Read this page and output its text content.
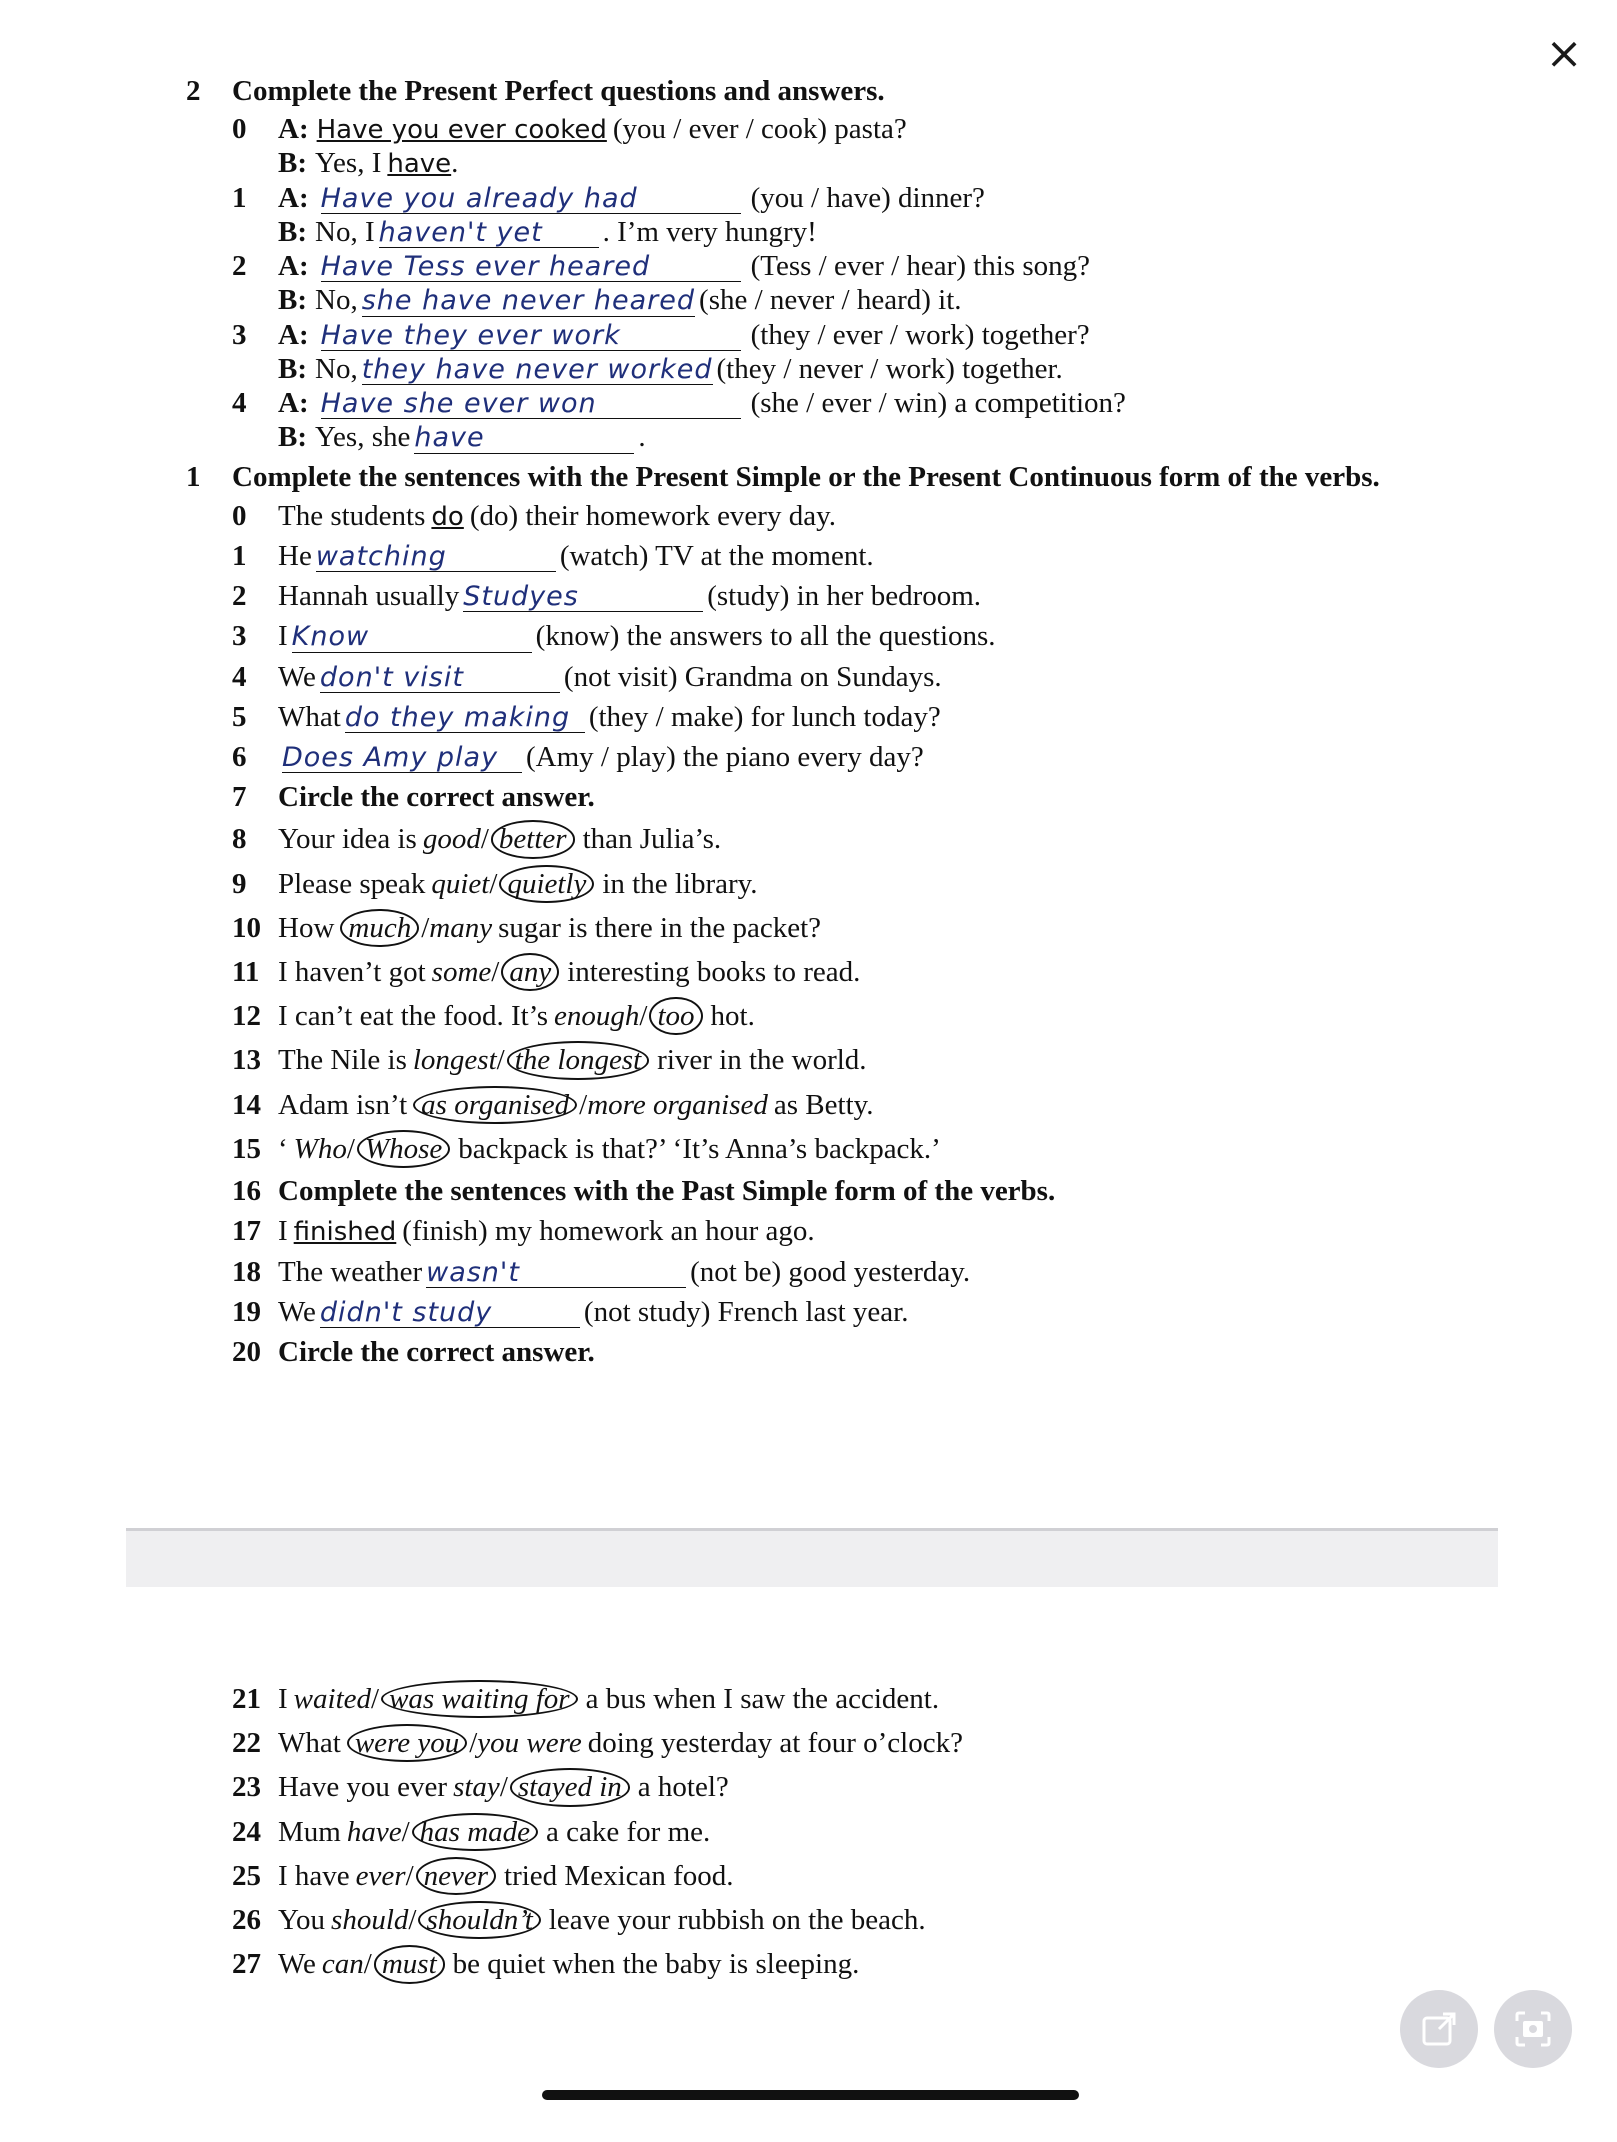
×
2	Complete the Present Perfect questions and answers.
0	A: Have you ever cooked (you / ever / cook) pasta?
B: Yes, I have .
1	A: Have you already had	(you / have) dinner?
B: No, I haven't yet	. I’m very hungry!
2	A: Have Tess ever heared	(Tess / ever / hear) this song?
B: No, she have never heared (she / never / heard) it.
3	A: Have they ever work	(they / ever / work) together?
B: No, they have never worked (they / never / work) together.
4	A: Have she ever won	(she / ever / win) a competition?
B: Yes, she have	.
1	Complete the sentences with the Present Simple or the Present Continuous form of the verbs.
0	The students do (do) their homework every day.
1	He watching	(watch) TV at the moment.
2	Hannah usually Studyes	(study) in her bedroom.
3	I Know	(know) the answers to all the questions.
4	We don't visit	(not visit) Grandma on Sundays.
5	What do they making (they / make) for lunch today?
6	Does Amy play (Amy / play) the piano every day?
7	Circle the correct answer.
8	Your idea is good / better than Julia’s.
9	Please speak quiet / quietly in the library.
10 How much / many sugar is there in the packet?
11 I haven’t got some / any interesting books to read.
12 I can’t eat the food. It’s enough / too hot.
13 The Nile is longest / the longest river in the world.
14 Adam isn’t as organised / more organised as Betty.
15 ‘ Who / Whose backpack is that?’ ‘It’s Anna’s backpack.’
16 Complete the sentences with the Past Simple form of the verbs.
17 I finished (finish) my homework an hour ago.
18 The weather wasn't	(not be) good yesterday.
19 We didn't study	(not study) French last year.
20 Circle the correct answer.
21 I waited / was waiting for a bus when I saw the accident.
22 What were you / you were doing yesterday at four o’clock?
23 Have you ever stay / stayed in a hotel?
24 Mum have / has made a cake for me.
25 I have ever / never tried Mexican food.
26 You should / shouldn’t leave your rubbish on the beach.
27 We can / must be quiet when the baby is sleeping.
